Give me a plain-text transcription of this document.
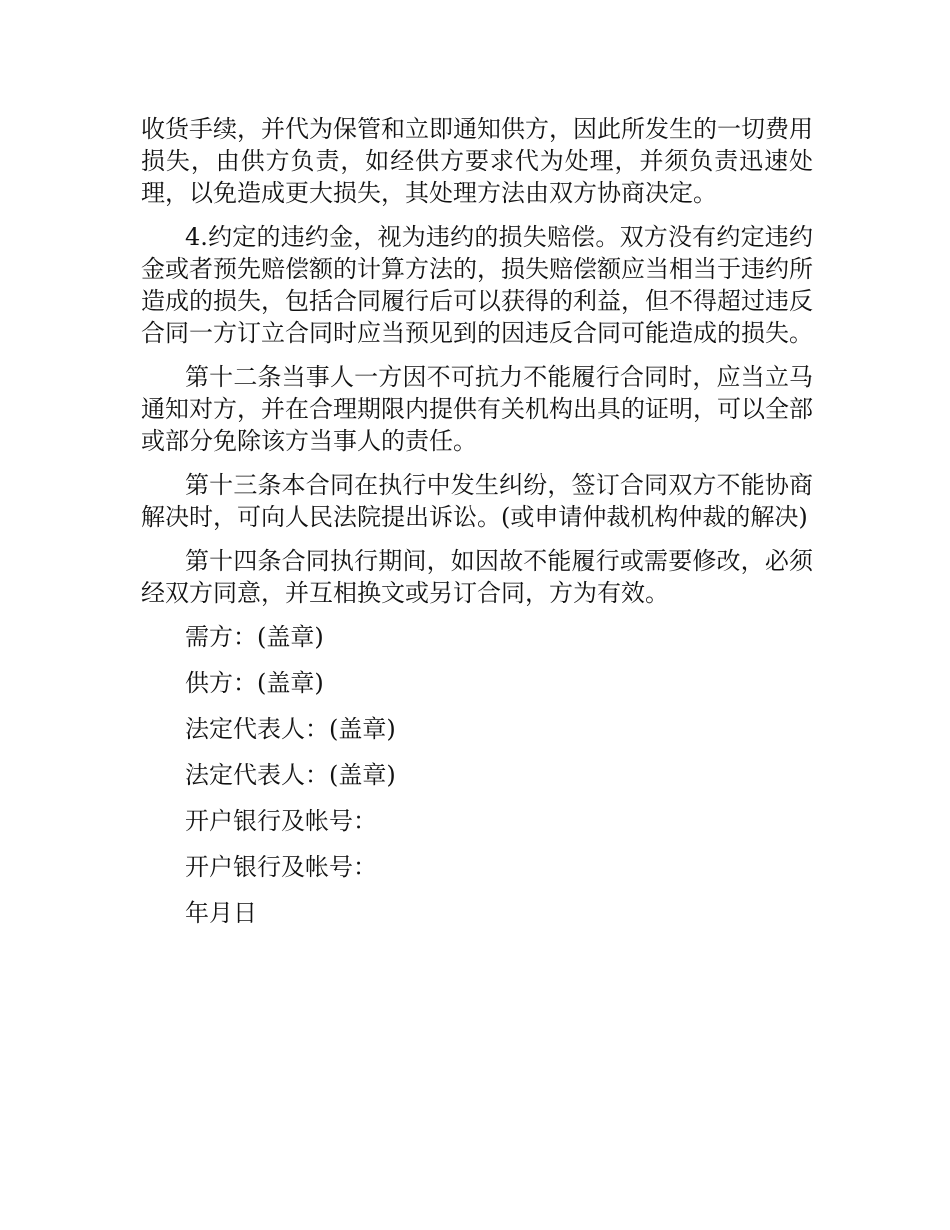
收货手续，并代为保管和立即通知供方，因此所发生的一切费用损失，由供方负责，如经供方要求代为处理，并须负责迅速处理，以免造成更大损失，其处理方法由双方协商决定。

4.约定的违约金，视为违约的损失赔偿。双方没有约定违约金或者预先赔偿额的计算方法的，损失赔偿额应当相当于违约所造成的损失，包括合同履行后可以获得的利益，但不得超过违反合同一方订立合同时应当预见到的因违反合同可能造成的损失。

第十二条当事人一方因不可抗力不能履行合同时，应当立马通知对方，并在合理期限内提供有关机构出具的证明，可以全部或部分免除该方当事人的责任。

第十三条本合同在执行中发生纠纷，签订合同双方不能协商解决时，可向人民法院提出诉讼。(或申请仲裁机构仲裁的解决)

第十四条合同执行期间，如因故不能履行或需要修改，必须经双方同意，并互相换文或另订合同，方为有效。

需方：(盖章)
供方：(盖章)
法定代表人：(盖章)
法定代表人：(盖章)
开户银行及帐号：
开户银行及帐号：
年月日
